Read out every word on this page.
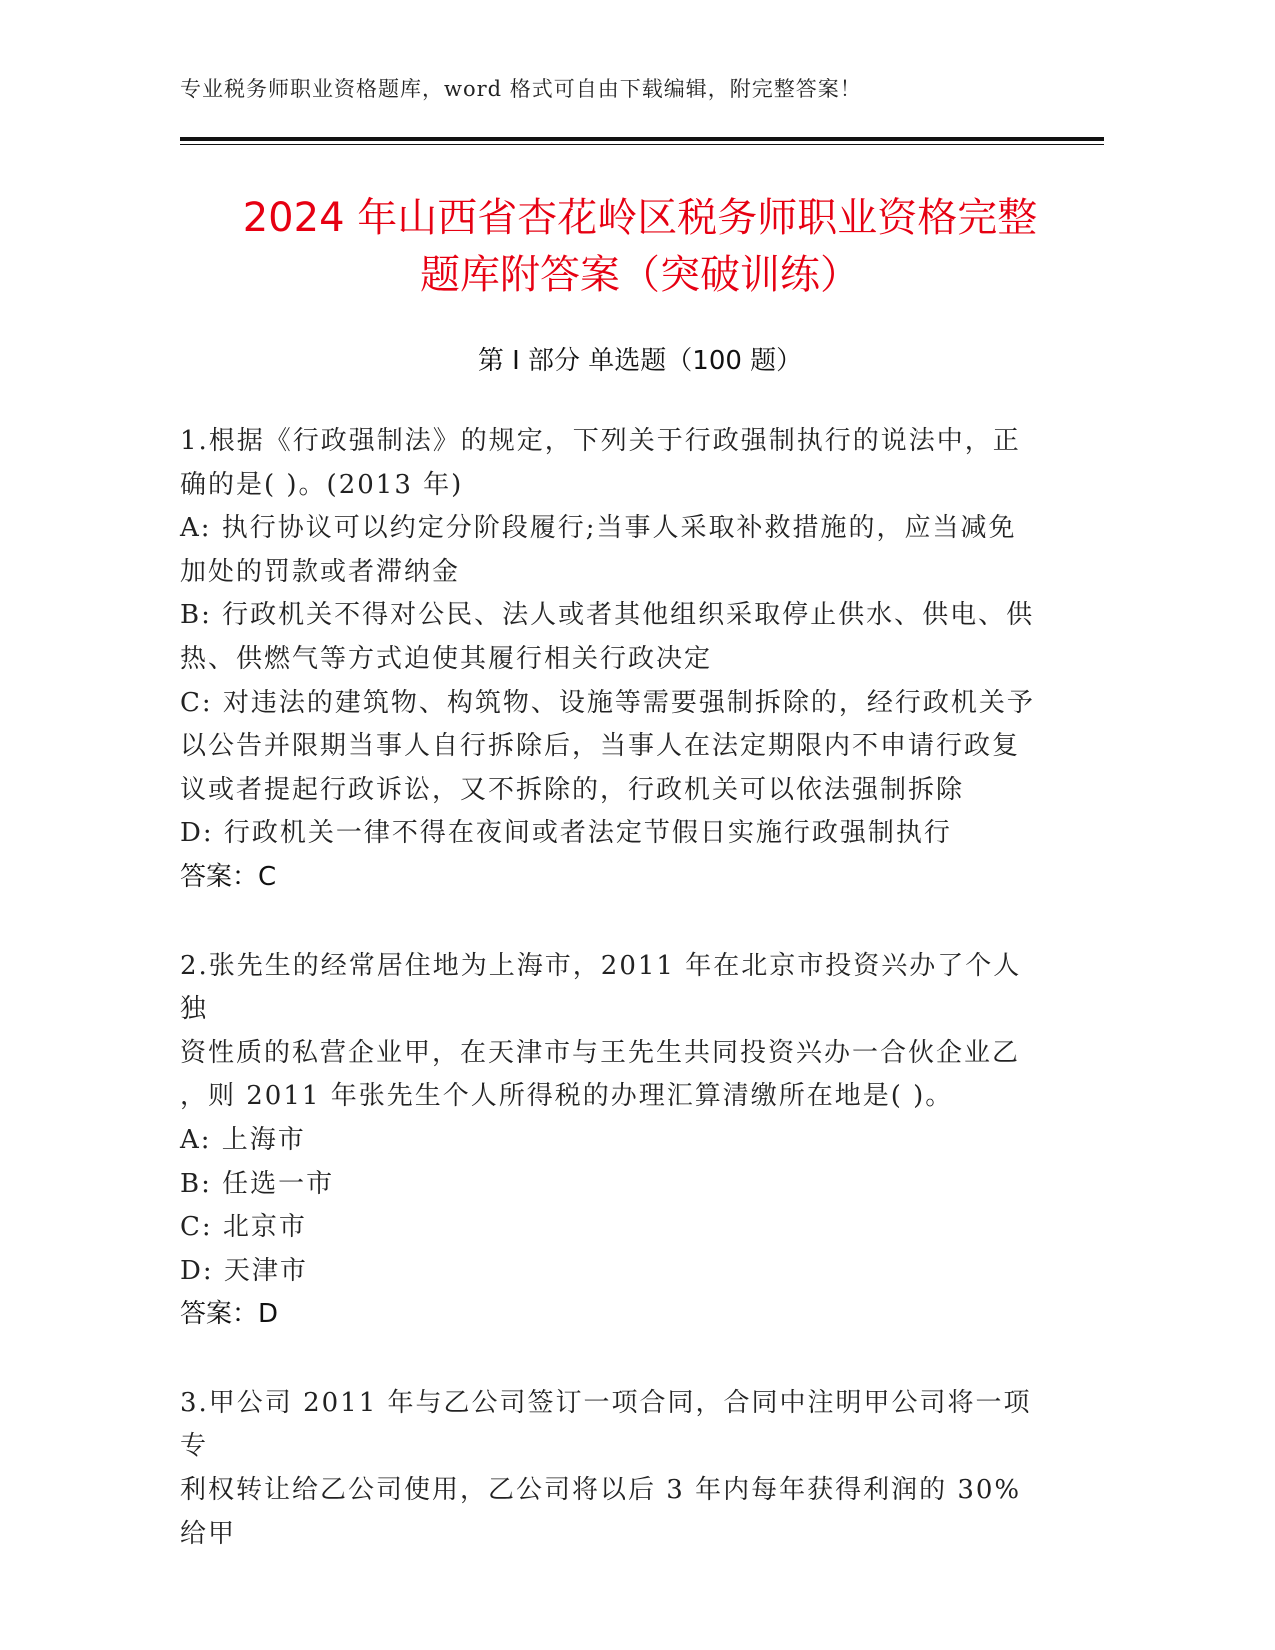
专业税务师职业资格题库，word 格式可自由下载编辑，附完整答案！
2024 年山西省杏花岭区税务师职业资格完整
题库附答案（突破训练）
第 I 部分 单选题（100 题）
1.根据《行政强制法》的规定，下列关于行政强制执行的说法中，正
确的是( )。(2013 年)
A: 执行协议可以约定分阶段履行;当事人采取补救措施的，应当减免
加处的罚款或者滞纳金
B: 行政机关不得对公民、法人或者其他组织采取停止供水、供电、供
热、供燃气等方式迫使其履行相关行政决定
C: 对违法的建筑物、构筑物、设施等需要强制拆除的，经行政机关予
以公告并限期当事人自行拆除后，当事人在法定期限内不申请行政复
议或者提起行政诉讼，又不拆除的，行政机关可以依法强制拆除
D: 行政机关一律不得在夜间或者法定节假日实施行政强制执行
答案：C
2.张先生的经常居住地为上海市，2011 年在北京市投资兴办了个人独
资性质的私营企业甲，在天津市与王先生共同投资兴办一合伙企业乙
，则 2011 年张先生个人所得税的办理汇算清缴所在地是( )。
A: 上海市
B: 任选一市
C: 北京市
D: 天津市
答案：D
3.甲公司 2011 年与乙公司签订一项合同，合同中注明甲公司将一项专
利权转让给乙公司使用，乙公司将以后 3 年内每年获得利润的 30%给甲
